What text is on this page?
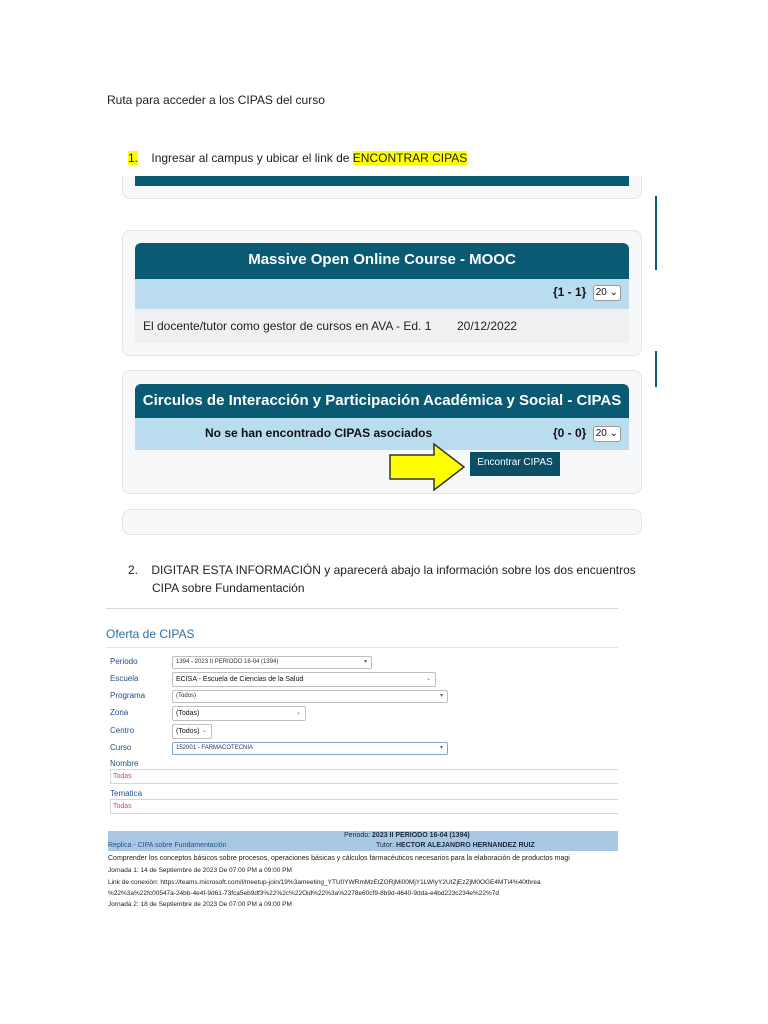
Ruta para acceder a los CIPAS del curso
1. Ingresar al campus y ubicar el link de ENCONTRAR CIPAS
Massive Open Online Course - MOOC
{1 - 1} 20 ⌄
El docente/tutor como gestor de cursos en AVA - Ed. 1 20/12/2022
Circulos de Interacción y Participación Académica y Social - CIPAS
No se han encontrado CIPAS asociados	{0 - 0} 20 ⌄
Encontrar CIPAS
2. DIGITAR ESTA INFORMACIÓN y aparecerá abajo la información sobre los dos encuentros
CIPA sobre Fundamentación
Oferta de CIPAS
Periodo	1394 - 2023 II PERIODO 16-04 (1394)	▾
Escuela	ECISA - Escuela de Ciencias de la Salud	⌄
Programa	(Todos)	▾
Zona	(Todas)	⌄
Centro	(Todos) ⌄
Curso	152001 - FARMACOTECNIA	▾
Nombre
Todas
Tematica
Todas
Periodo: 2023 II PERIODO 16-04 (1394)
Replica - CIPA sobre Fundamentación	Tutor: HECTOR ALEJANDRO HERNANDEZ RUIZ
Comprender los conceptos básicos sobre procesos, operaciones básicas y cálculos farmacéuticos necesarios para la elaboración de productos magi
Jornada 1: 14 de Septiembre de 2023 De 07:00 PM a 09:00 PM
Link de conexión: https://teams.microsoft.com/l/meetup-join/19%3ameeting_YTU0YWRmMzEtZGRjMi00MjY1LWIyY2UtZjEzZjM0OGE4MTI4%40threa
%22%3a%22fc00547a-24bb-4e4f-9d61-73fca5eb9df3%22%2c%22Oid%22%3a%2278e60cf9-8b9d-4640-9dda-e4bd223c234e%22%7d
Jornada 2: 18 de Septiembre de 2023 De 07:00 PM a 09:00 PM
